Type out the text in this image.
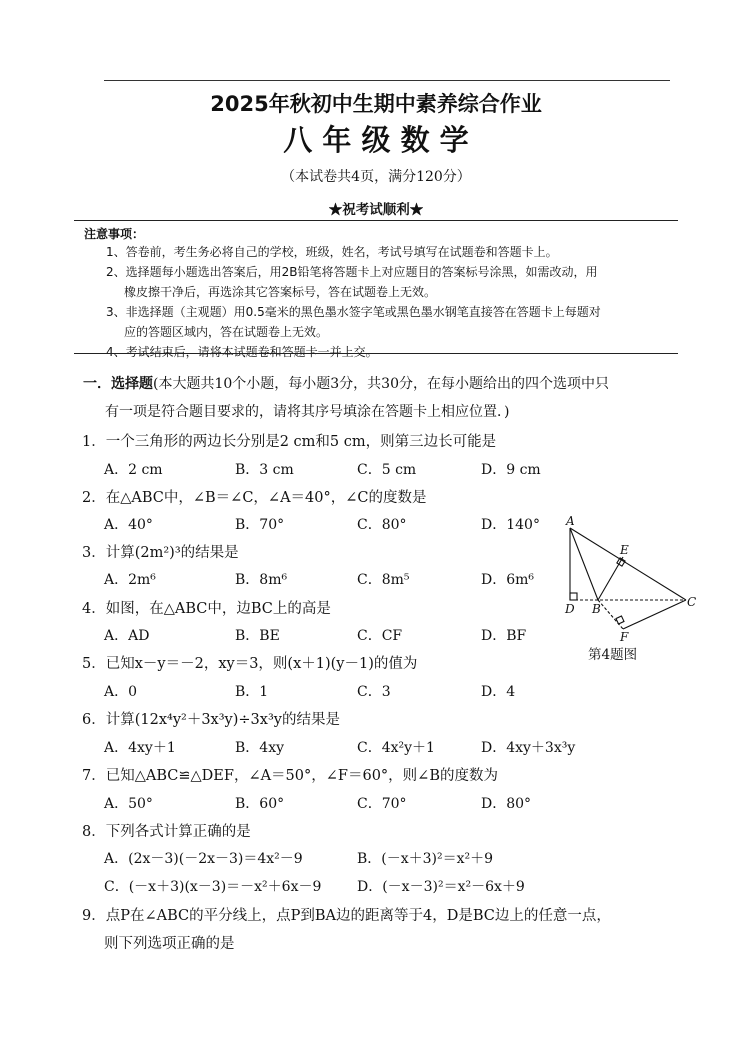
2025年秋初中生期中素养综合作业
八 年 级 数 学
（本试卷共4页，满分120分）
★祝考试顺利★
注意事项：
1、答卷前，考生务必将自己的学校，班级，姓名，考试号填写在试题卷和答题卡上。
2、选择题每小题选出答案后，用2B铅笔将答题卡上对应题目的答案标号涂黑，如需改动，用
橡皮擦干净后，再选涂其它答案标号，答在试题卷上无效。
3、非选择题（主观题）用0.5毫米的黑色墨水签字笔或黑色墨水钢笔直接答在答题卡上每题对
应的答题区域内，答在试题卷上无效。
4、考试结束后，请将本试题卷和答题卡一并上交。
一．选择题(本大题共10个小题，每小题3分，共30分，在每小题给出的四个选项中只
有一项是符合题目要求的，请将其序号填涂在答题卡上相应位置．)
1．一个三角形的两边长分别是2 cm和5 cm，则第三边长可能是
A．2 cm	B．3 cm	C．5 cm	D．9 cm
2．在△ABC中，∠B＝∠C，∠A＝40°，∠C的度数是
A．40°	B．70°	C．80°	D．140°
3．计算(2m²)³的结果是
A．2m⁶	B．8m⁶	C．8m⁵	D．6m⁶
4．如图，在△ABC中，边BC上的高是
A．AD	B．BE	C．CF	D．BF
5．已知x－y＝－2，xy＝3，则(x＋1)(y－1)的值为
A．0	B．1	C．3	D．4
6．计算(12x⁴y²＋3x³y)÷3x³y的结果是
A．4xy＋1	B．4xy	C．4x²y＋1	D．4xy＋3x³y
7．已知△ABC≌△DEF，∠A＝50°，∠F＝60°，则∠B的度数为
A．50°	B．60°	C．70°	D．80°
8．下列各式计算正确的是
A．(2x－3)(－2x－3)＝4x²－9	B．(－x＋3)²＝x²＋9
C．(－x＋3)(x－3)＝－x²＋6x－9	D．(－x－3)²＝x²－6x＋9
9．点P在∠ABC的平分线上，点P到BA边的距离等于4，D是BC边上的任意一点，
则下列选项正确的是
A
E
D B	C
F
第4题图
